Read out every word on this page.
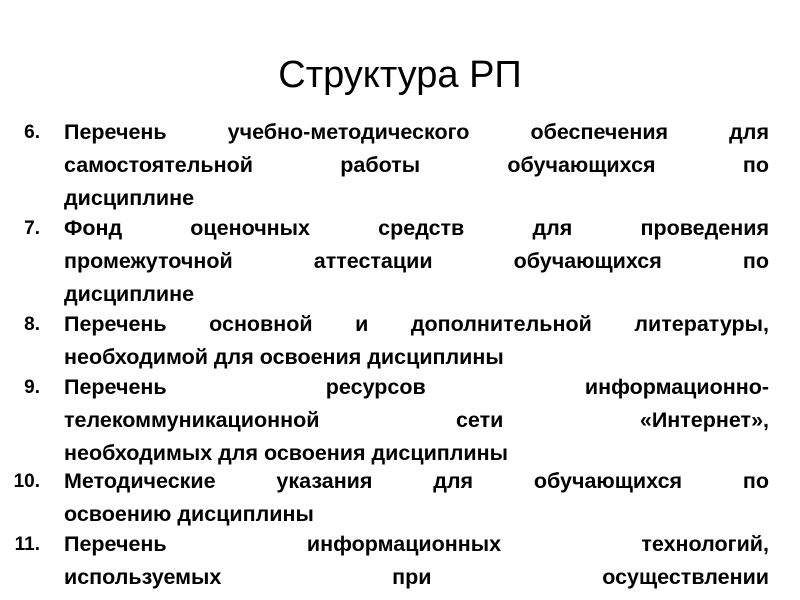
Структура РП
6. Перечень учебно-методического обеспечения для
самостоятельной работы обучающихся по
дисциплине
7. Фонд оценочных средств для проведения
промежуточной аттестации обучающихся по
дисциплине
8. Перечень основной и дополнительной литературы,
необходимой для освоения дисциплины
9. Перечень ресурсов информационно-
телекоммуникационной сети «Интернет»,
необходимых для освоения дисциплины
10. Методические указания для обучающихся по
освоению дисциплины
11. Перечень информационных технологий,
используемых при осуществлении
